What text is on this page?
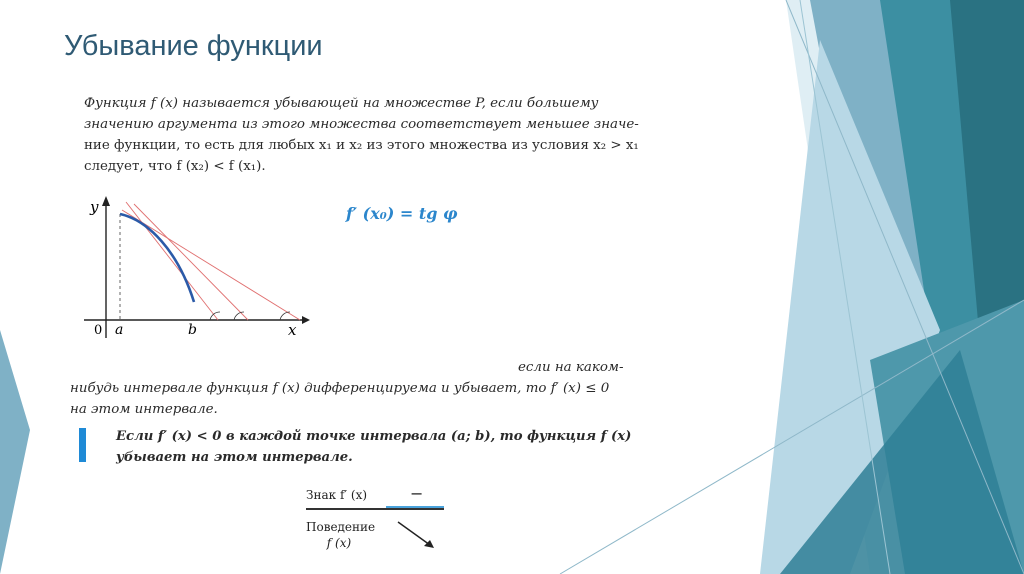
Убывание функции

Функция f (x) называется убывающей на множестве P, если большему
значению аргумента из этого множества соответствует меньшее значе-
ние функции, то есть для любых x₁ и x₂ из этого множества из условия x₂ > x₁
следует, что f (x₂) < f (x₁).

y
x
0 a	b
f′ (x₀) = tg φ

если на каком-
нибудь интервале функция f (x) дифференцируема и убывает, то f′ (x) ≤ 0
на этом интервале.

Если f′ (x) < 0 в каждой точке интервала (a; b), то функция f (x)
убывает на этом интервале.

Знак f′ (x)	−
Поведение
f (x)
